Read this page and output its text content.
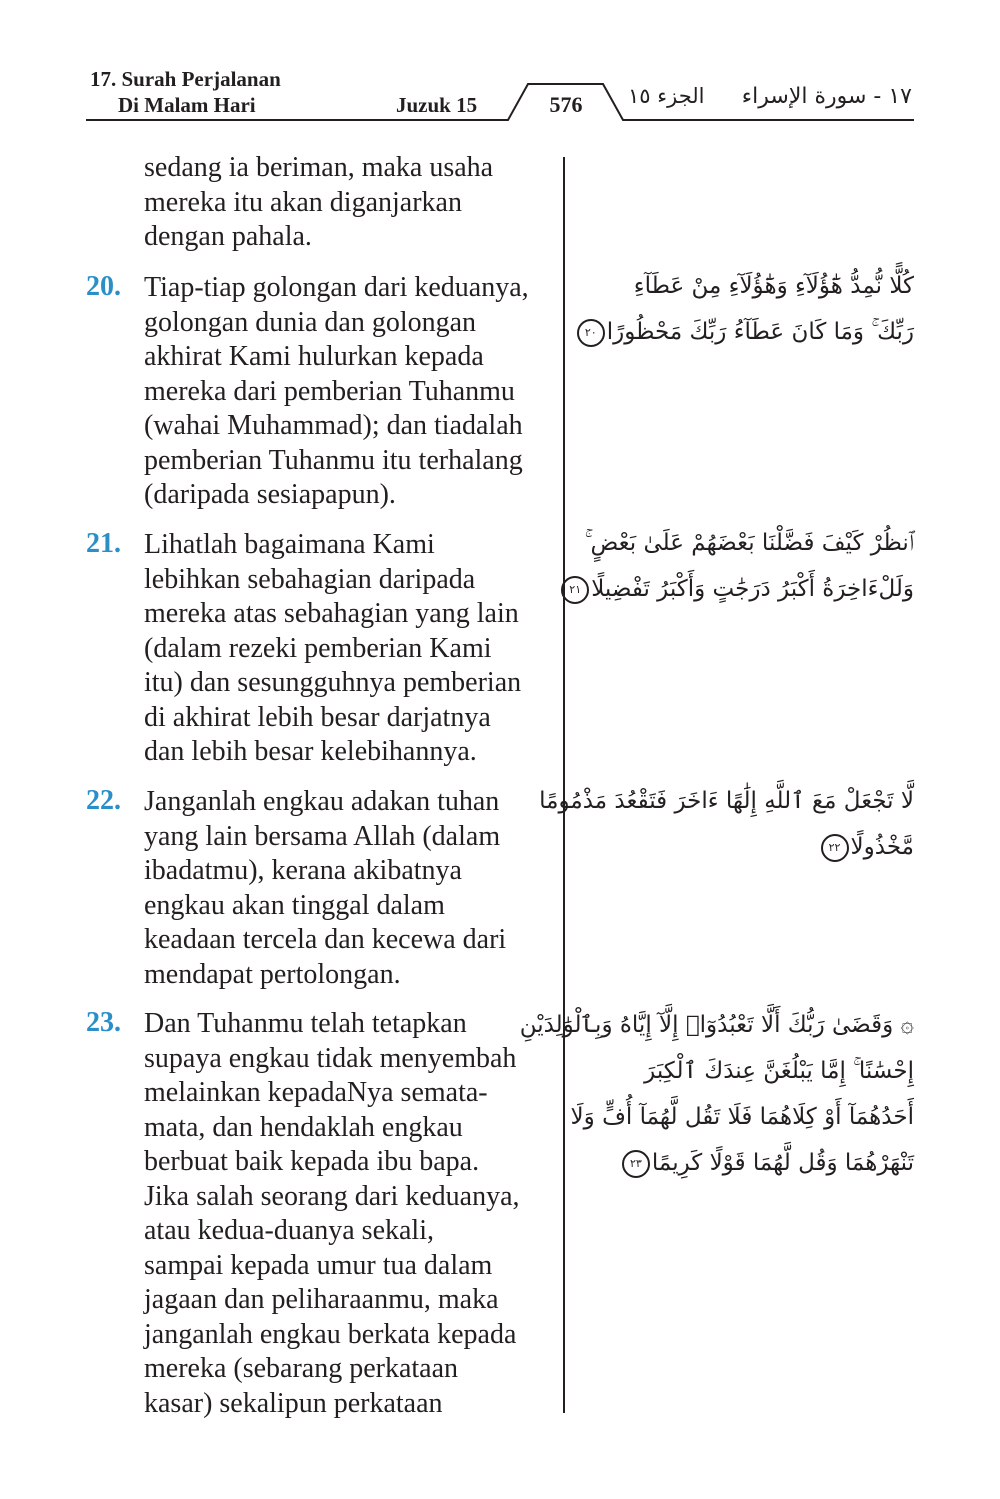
17. Surah Perjalanan
Di Malam Hari	Juzuk 15	576	الجزء ١٥ ١٧ - سورة الإسراء
sedang ia beriman, maka usaha
mereka itu akan diganjarkan
dengan pahala.
20. Tiap-tiap golongan dari keduanya,
golongan dunia dan golongan
akhirat Kami hulurkan kepada
mereka dari pemberian Tuhanmu
(wahai Muhammad); dan tiadalah
pemberian Tuhanmu itu terhalang
(daripada sesiapapun).
كُلًّا نُّمِدُّ هَٰٓؤُلَآءِ وَهَٰٓؤُلَآءِ مِنْ عَطَآءِ
رَبِّكَ ۚ وَمَا كَانَ عَطَآءُ رَبِّكَ مَحْظُورًا٢٠
21. Lihatlah bagaimana Kami
lebihkan sebahagian daripada
mereka atas sebahagian yang lain
(dalam rezeki pemberian Kami
itu) dan sesungguhnya pemberian
di akhirat lebih besar darjatnya
dan lebih besar kelebihannya.
ٱنظُرْ كَيْفَ فَضَّلْنَا بَعْضَهُمْ عَلَىٰ بَعْضٍ ۚ
وَلَلْءَاخِرَةُ أَكْبَرُ دَرَجَٰتٍ وَأَكْبَرُ تَفْضِيلًا٢١
22. Janganlah engkau adakan tuhan
yang lain bersama Allah (dalam
ibadatmu), kerana akibatnya
engkau akan tinggal dalam
keadaan tercela dan kecewa dari
mendapat pertolongan.
لَّا تَجْعَلْ مَعَ ٱللَّهِ إِلَٰهًا ءَاخَرَ فَتَقْعُدَ مَذْمُومًا
مَّخْذُولًا٢٢
23. Dan Tuhanmu telah tetapkan
supaya engkau tidak menyembah
melainkan kepadaNya semata-
mata, dan hendaklah engkau
berbuat baik kepada ibu bapa.
Jika salah seorang dari keduanya,
atau kedua-duanya sekali,
sampai kepada umur tua dalam
jagaan dan peliharaanmu, maka
janganlah engkau berkata kepada
mereka (sebarang perkataan
kasar) sekalipun perkataan
۞ وَقَضَىٰ رَبُّكَ أَلَّا تَعْبُدُوٓا۟ إِلَّآ إِيَّاهُ وَبِٱلْوَٰلِدَيْنِ
إِحْسَٰنًا ۚ إِمَّا يَبْلُغَنَّ عِندَكَ ٱلْكِبَرَ
أَحَدُهُمَآ أَوْ كِلَاهُمَا فَلَا تَقُل لَّهُمَآ أُفٍّ وَلَا
تَنْهَرْهُمَا وَقُل لَّهُمَا قَوْلًا كَرِيمًا٢٣
